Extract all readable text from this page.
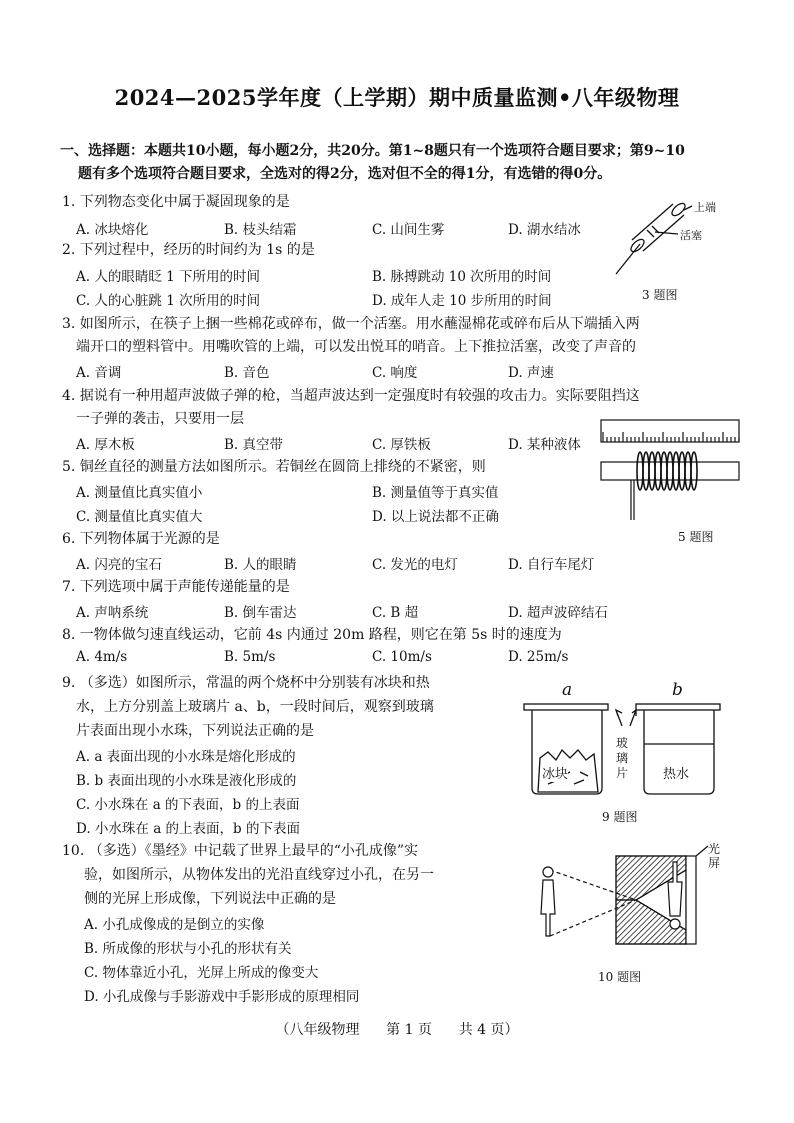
2024—2025学年度（上学期）期中质量监测•八年级物理
一、选择题：本题共10小题，每小题2分，共20分。第1~8题只有一个选项符合题目要求；第9~10
题有多个选项符合题目要求，全选对的得2分，选对但不全的得1分，有选错的得0分。
1. 下列物态变化中属于凝固现象的是
A. 冰块熔化	B. 枝头结霜	C. 山间生雾	D. 湖水结冰
2. 下列过程中，经历的时间约为 1s 的是
A. 人的眼睛眨 1 下所用的时间	B. 脉搏跳动 10 次所用的时间
C. 人的心脏跳 1 次所用的时间	D. 成年人走 10 步所用的时间
3. 如图所示，在筷子上捆一些棉花或碎布，做一个活塞。用水蘸湿棉花或碎布后从下端插入两
端开口的塑料管中。用嘴吹管的上端，可以发出悦耳的哨音。上下推拉活塞，改变了声音的
A. 音调	B. 音色	C. 响度	D. 声速
4. 据说有一种用超声波做子弹的枪，当超声波达到一定强度时有较强的攻击力。实际要阻挡这
一子弹的袭击，只要用一层
A. 厚木板	B. 真空带	C. 厚铁板	D. 某种液体
5. 铜丝直径的测量方法如图所示。若铜丝在圆筒上排绕的不紧密，则
A. 测量值比真实值小	B. 测量值等于真实值
C. 测量值比真实值大	D. 以上说法都不正确
6. 下列物体属于光源的是
A. 闪亮的宝石	B. 人的眼睛	C. 发光的电灯	D. 自行车尾灯
7. 下列选项中属于声能传递能量的是
A. 声呐系统	B. 倒车雷达	C. B 超	D. 超声波碎结石
8. 一物体做匀速直线运动，它前 4s 内通过 20m 路程，则它在第 5s 时的速度为
A. 4m/s	B. 5m/s	C. 10m/s	D. 25m/s
9. （多选）如图所示，常温的两个烧杯中分别装有冰块和热
水，上方分别盖上玻璃片 a、b，一段时间后，观察到玻璃
片表面出现小水珠，下列说法正确的是
A. a 表面出现的小水珠是熔化形成的
B. b 表面出现的小水珠是液化形成的
C. 小水珠在 a 的下表面，b 的上表面
D. 小水珠在 a 的上表面，b 的下表面
10. （多选）《墨经》中记载了世界上最早的“小孔成像”实
验，如图所示，从物体发出的光沿直线穿过小孔，在另一
侧的光屏上形成像，下列说法中正确的是
A. 小孔成像成的是倒立的实像
B. 所成像的形状与小孔的形状有关
C. 物体靠近小孔，光屏上所成的像变大
D. 小孔成像与手影游戏中手影形成的原理相同
上端
活塞
3 题图
5 题图
a	b
冰块	热水
玻
璃
片
9 题图
光
屏
10 题图
（八年级物理      第 1 页      共 4 页）
